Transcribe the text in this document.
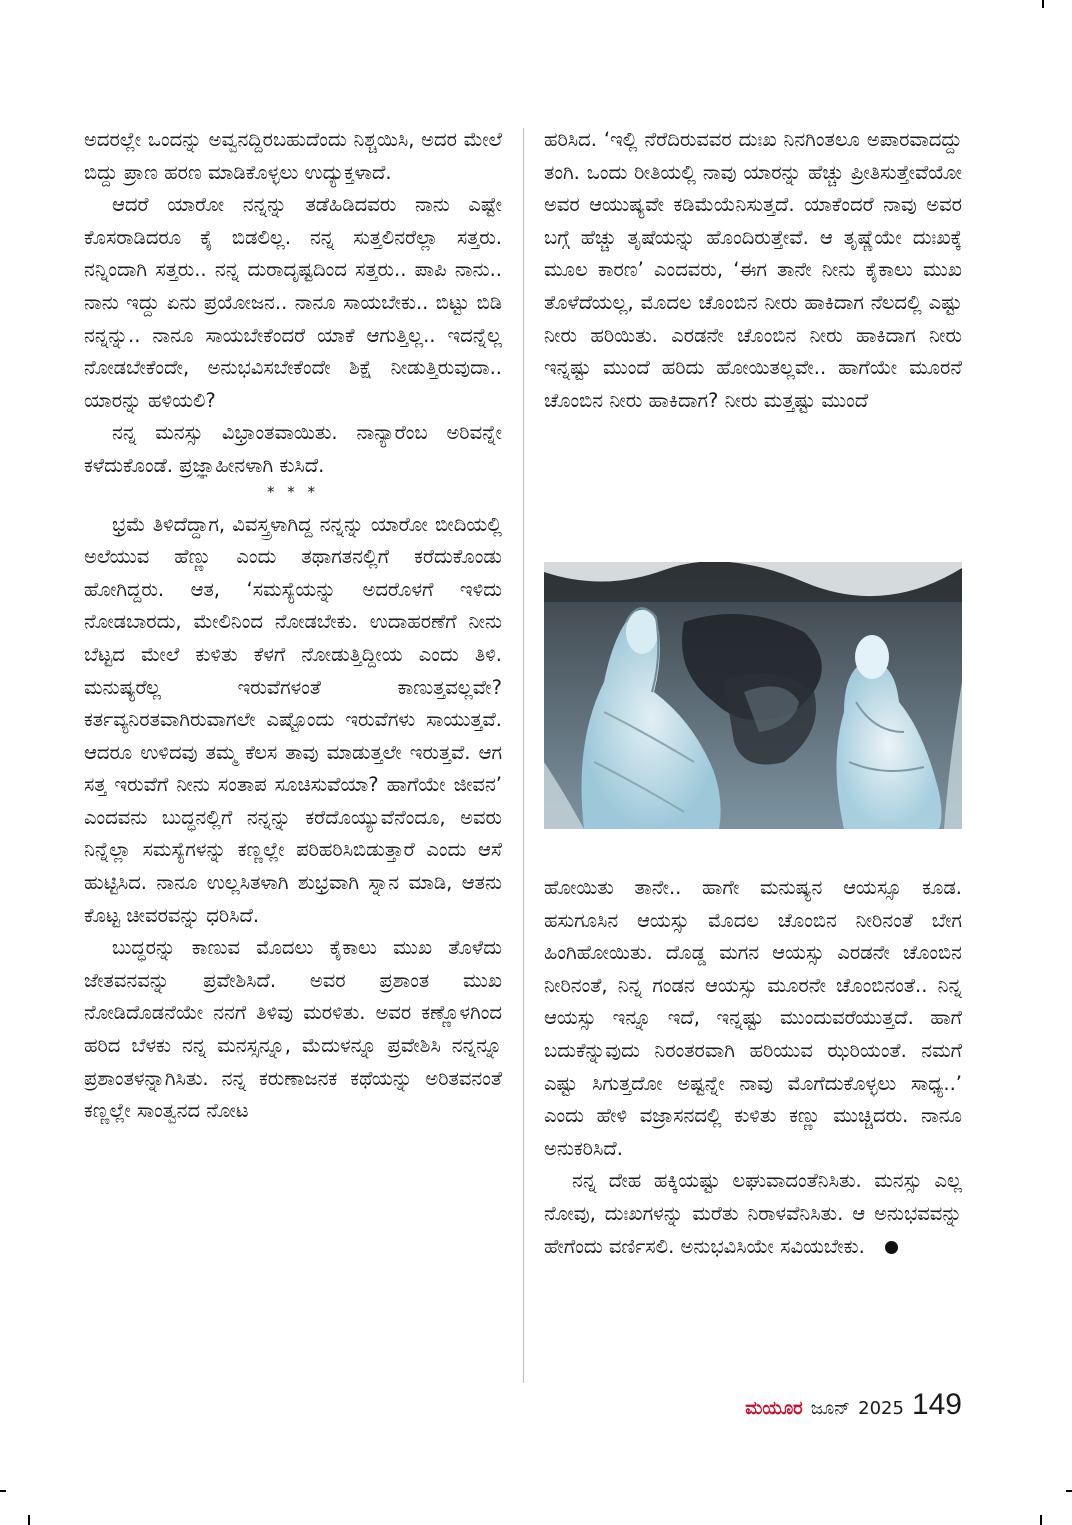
ಅದರಲ್ಲೇ ಒಂದನ್ನು ಅವ್ವನದ್ದಿರಬಹುದೆಂದು ನಿಶ್ಚಯಿಸಿ, ಅದರ ಮೇಲೆ ಬಿದ್ದು ಪ್ರಾಣ ಹರಣ ಮಾಡಿಕೊಳ್ಳಲು ಉದ್ಯುಕ್ತಳಾದೆ.

ಆದರೆ ಯಾರೋ ನನ್ನನ್ನು ತಡೆಹಿಡಿದವರು ನಾನು ಎಷ್ಟೇ ಕೊಸರಾಡಿದರೂ ಕೈ ಬಿಡಲಿಲ್ಲ. ನನ್ನ ಸುತ್ತಲಿನರೆಲ್ಲಾ ಸತ್ತರು. ನನ್ನಿಂದಾಗಿ ಸತ್ತರು.. ನನ್ನ ದುರಾದೃಷ್ಟದಿಂದ ಸತ್ತರು.. ಪಾಪಿ ನಾನು.. ನಾನು ಇದ್ದು ಏನು ಪ್ರಯೋಜನ.. ನಾನೂ ಸಾಯಬೇಕು.. ಬಿಟ್ಟು ಬಿಡಿ ನನ್ನನ್ನು.. ನಾನೂ ಸಾಯಬೇಕೆಂದರೆ ಯಾಕೆ ಆಗುತ್ತಿಲ್ಲ.. ಇದನ್ನೆಲ್ಲ ನೋಡಬೇಕೆಂದೇ, ಅನುಭವಿಸಬೇಕೆಂದೇ ಶಿಕ್ಷೆ ನೀಡುತ್ತಿರುವುದಾ.. ಯಾರನ್ನು ಹಳಿಯಲಿ?

ನನ್ನ ಮನಸ್ಸು ವಿಭ್ರಾಂತವಾಯಿತು. ನಾನ್ಯಾರೆಂಬ ಅರಿವನ್ನೇ ಕಳೆದುಕೊಂಡೆ. ಪ್ರಜ್ಞಾಹೀನಳಾಗಿ ಕುಸಿದೆ.

* * *

ಭ್ರಮೆ ತಿಳಿದೆದ್ದಾಗ, ವಿವಸ್ತ್ರಳಾಗಿದ್ದ ನನ್ನನ್ನು ಯಾರೋ ಬೀದಿಯಲ್ಲಿ ಅಲೆಯುವ ಹೆಣ್ಣು ಎಂದು ತಥಾಗತನಲ್ಲಿಗೆ ಕರೆದುಕೊಂಡು ಹೋಗಿದ್ದರು. ಆತ, ‘ಸಮಸ್ಯೆಯನ್ನು ಅದರೊಳಗೆ ಇಳಿದು ನೋಡಬಾರದು, ಮೇಲಿನಿಂದ ನೋಡಬೇಕು. ಉದಾಹರಣೆಗೆ ನೀನು ಬೆಟ್ಟದ ಮೇಲೆ ಕುಳಿತು ಕೆಳಗೆ ನೋಡುತ್ತಿದ್ದೀಯ ಎಂದು ತಿಳಿ. ಮನುಷ್ಯರೆಲ್ಲ ಇರುವೆಗಳಂತೆ ಕಾಣುತ್ತವಲ್ಲವೇ? ಕರ್ತವ್ಯನಿರತವಾಗಿರುವಾಗಲೇ ಎಷ್ಟೊಂದು ಇರುವೆಗಳು ಸಾಯುತ್ತವೆ. ಆದರೂ ಉಳಿದವು ತಮ್ಮ ಕೆಲಸ ತಾವು ಮಾಡುತ್ತಲೇ ಇರುತ್ತವೆ. ಆಗ ಸತ್ತ ಇರುವೆಗೆ ನೀನು ಸಂತಾಪ ಸೂಚಿಸುವೆಯಾ? ಹಾಗೆಯೇ ಜೀವನ’ ಎಂದವನು ಬುದ್ಧನಲ್ಲಿಗೆ ನನ್ನನ್ನು ಕರೆದೊಯ್ಯುವೆನೆಂದೂ, ಅವರು ನಿನ್ನೆಲ್ಲಾ ಸಮಸ್ಯೆಗಳನ್ನು ಕಣ್ಣಲ್ಲೇ ಪರಿಹರಿಸಿಬಿಡುತ್ತಾರೆ ಎಂದು ಆಸೆ ಹುಟ್ಟಿಸಿದ. ನಾನೂ ಉಲ್ಲಸಿತಳಾಗಿ ಶುಭ್ರವಾಗಿ ಸ್ನಾನ ಮಾಡಿ, ಆತನು ಕೊಟ್ಟ ಚೀವರವನ್ನು ಧರಿಸಿದೆ.

ಬುದ್ಧರನ್ನು ಕಾಣುವ ಮೊದಲು ಕೈಕಾಲು ಮುಖ ತೊಳೆದು ಜೇತವನವನ್ನು ಪ್ರವೇಶಿಸಿದೆ. ಅವರ ಪ್ರಶಾಂತ ಮುಖ ನೋಡಿದೊಡನೆಯೇ ನನಗೆ ತಿಳಿವು ಮರಳಿತು. ಅವರ ಕಣ್ಣೊಳಗಿಂದ ಹರಿದ ಬೆಳಕು ನನ್ನ ಮನಸ್ಸನ್ನೂ, ಮೆದುಳನ್ನೂ ಪ್ರವೇಶಿಸಿ ನನ್ನನ್ನೂ ಪ್ರಶಾಂತಳನ್ನಾಗಿಸಿತು. ನನ್ನ ಕರುಣಾಜನಕ ಕಥೆಯನ್ನು ಅರಿತವನಂತೆ ಕಣ್ಣಲ್ಲೇ ಸಾಂತ್ವನದ ನೋಟ

ಹರಿಸಿದ. ‘ಇಲ್ಲಿ ನೆರೆದಿರುವವರ ದುಃಖ ನಿನಗಿಂತಲೂ ಅಪಾರವಾದದ್ದು ತಂಗಿ. ಒಂದು ರೀತಿಯಲ್ಲಿ ನಾವು ಯಾರನ್ನು ಹೆಚ್ಚು ಪ್ರೀತಿಸುತ್ತೇವೆಯೋ ಅವರ ಆಯುಷ್ಯವೇ ಕಡಿಮೆಯೆನಿಸುತ್ತದೆ. ಯಾಕೆಂದರೆ ನಾವು ಅವರ ಬಗ್ಗೆ ಹೆಚ್ಚು ತೃಷೆಯನ್ನು ಹೊಂದಿರುತ್ತೇವೆ. ಆ ತೃಷ್ಣೆಯೇ ದುಃಖಕ್ಕೆ ಮೂಲ ಕಾರಣ’ ಎಂದವರು, ‘ಈಗ ತಾನೇ ನೀನು ಕೈಕಾಲು ಮುಖ ತೊಳೆದೆಯಲ್ಲ, ಮೊದಲ ಚೊಂಬಿನ ನೀರು ಹಾಕಿದಾಗ ನೆಲದಲ್ಲಿ ಎಷ್ಟು ನೀರು ಹರಿಯಿತು. ಎರಡನೇ ಚೊಂಬಿನ ನೀರು ಹಾಕಿದಾಗ ನೀರು ಇನ್ನಷ್ಟು ಮುಂದೆ ಹರಿದು ಹೋಯಿತಲ್ಲವೇ.. ಹಾಗೆಯೇ ಮೂರನೆ ಚೊಂಬಿನ ನೀರು ಹಾಕಿದಾಗ? ನೀರು ಮತ್ತಷ್ಟು ಮುಂದೆ

ಹೋಯಿತು ತಾನೇ.. ಹಾಗೇ ಮನುಷ್ಯನ ಆಯಸ್ಸೂ ಕೂಡ. ಹಸುಗೂಸಿನ ಆಯಸ್ಸು ಮೊದಲ ಚೊಂಬಿನ ನೀರಿನಂತೆ ಬೇಗ ಹಿಂಗಿಹೋಯಿತು. ದೊಡ್ಡ ಮಗನ ಆಯಸ್ಸು ಎರಡನೇ ಚೊಂಬಿನ ನೀರಿನಂತೆ, ನಿನ್ನ ಗಂಡನ ಆಯಸ್ಸು ಮೂರನೇ ಚೊಂಬಿನಂತೆ.. ನಿನ್ನ ಆಯಸ್ಸು ಇನ್ನೂ ಇದೆ, ಇನ್ನಷ್ಟು ಮುಂದುವರೆಯುತ್ತದೆ. ಹಾಗೆ ಬದುಕೆನ್ನುವುದು ನಿರಂತರವಾಗಿ ಹರಿಯುವ ಝರಿಯಂತೆ. ನಮಗೆ ಎಷ್ಟು ಸಿಗುತ್ತದೋ ಅಷ್ಟನ್ನೇ ನಾವು ಮೊಗೆದುಕೊಳ್ಳಲು ಸಾಧ್ಯ..’ ಎಂದು ಹೇಳಿ ವಜ್ರಾಸನದಲ್ಲಿ ಕುಳಿತು ಕಣ್ಣು ಮುಚ್ಚಿದರು. ನಾನೂ ಅನುಕರಿಸಿದೆ.

ನನ್ನ ದೇಹ ಹಕ್ಕಿಯಷ್ಟು ಲಘುವಾದಂತೆನಿಸಿತು. ಮನಸ್ಸು ಎಲ್ಲ ನೋವು, ದುಃಖಗಳನ್ನು ಮರೆತು ನಿರಾಳವೆನಿಸಿತು. ಆ ಅನುಭವವನ್ನು ಹೇಗೆಂದು ವರ್ಣಿಸಲಿ. ಅನುಭವಿಸಿಯೇ ಸವಿಯಬೇಕು.

ಮಯೂರ ಜೂನ್ 2025 149
